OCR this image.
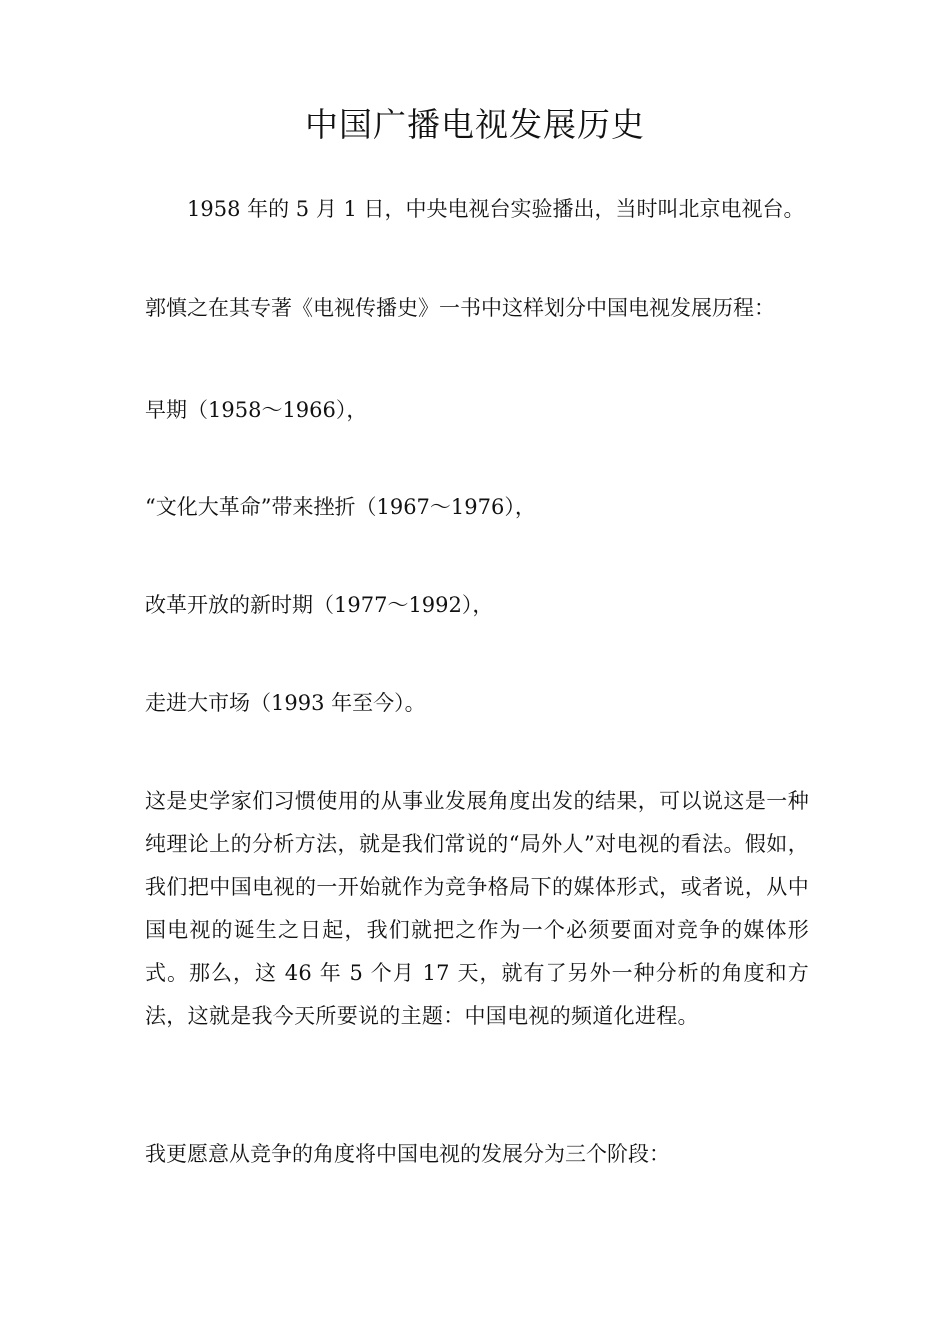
中国广播电视发展历史

1958 年的 5 月 1 日，中央电视台实验播出，当时叫北京电视台。

郭慎之在其专著《电视传播史》一书中这样划分中国电视发展历程：

早期（1958～1966），

“文化大革命”带来挫折（1967～1976），

改革开放的新时期（1977～1992），

走进大市场（1993 年至今）。

这是史学家们习惯使用的从事业发展角度出发的结果，可以说这是一种纯理论上的分析方法，就是我们常说的“局外人”对电视的看法。假如，我们把中国电视的一开始就作为竞争格局下的媒体形式，或者说，从中国电视的诞生之日起，我们就把之作为一个必须要面对竞争的媒体形式。那么，这 46 年 5 个月 17 天，就有了另外一种分析的角度和方法，这就是我今天所要说的主题：中国电视的频道化进程。

我更愿意从竞争的角度将中国电视的发展分为三个阶段：
